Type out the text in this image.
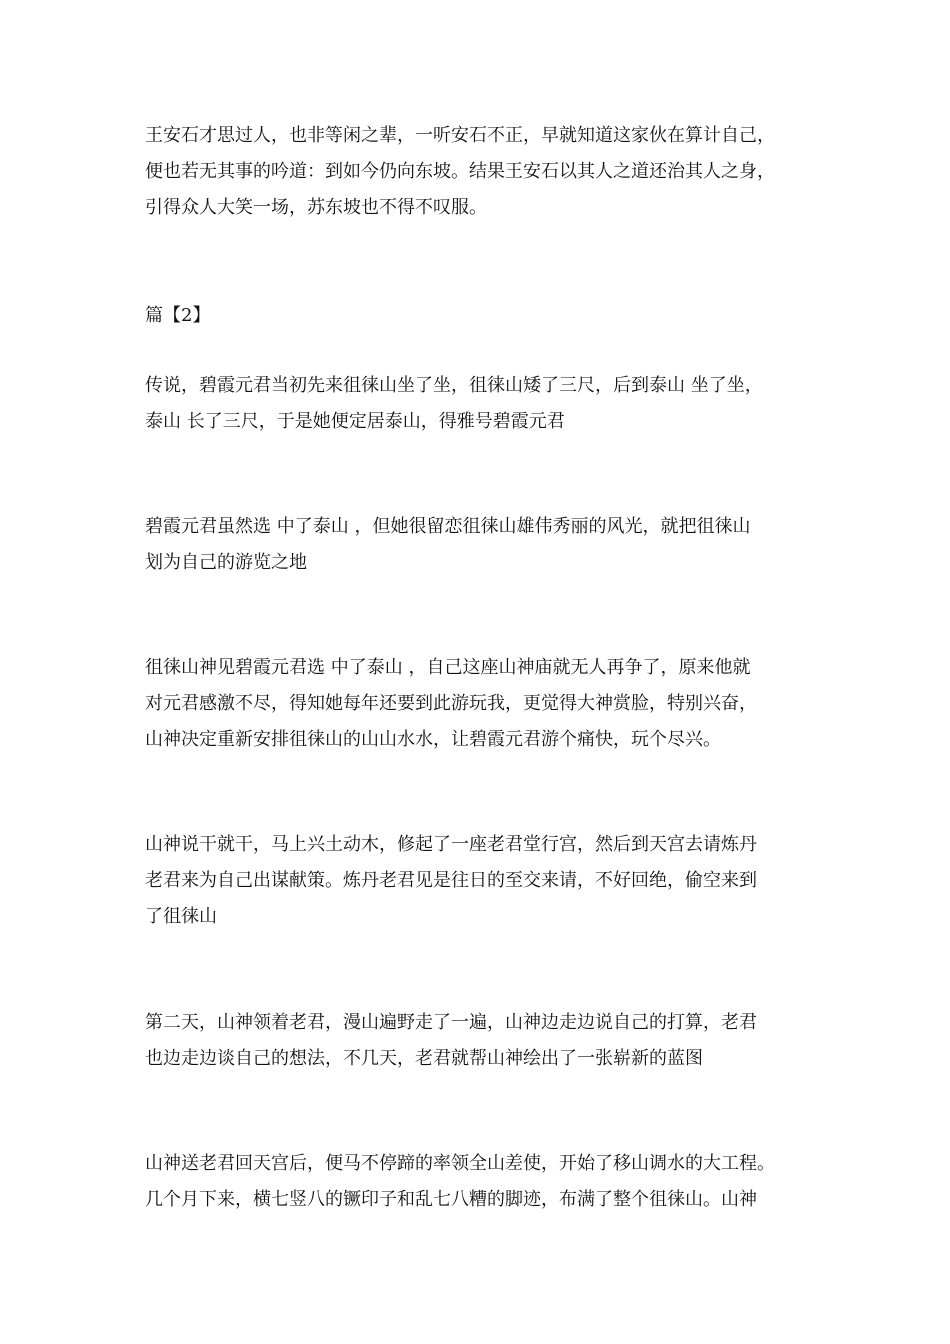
王安石才思过人，也非等闲之辈，一听安石不正，早就知道这家伙在算计自己，
便也若无其事的吟道：到如今仍向东坡。结果王安石以其人之道还治其人之身，
引得众人大笑一场，苏东坡也不得不叹服。

篇【2】

传说，碧霞元君当初先来徂徕山坐了坐，徂徕山矮了三尺，后到泰山 坐了坐，
泰山 长了三尺，于是她便定居泰山，得雅号碧霞元君

碧霞元君虽然选 中了泰山 ，但她很留恋徂徕山雄伟秀丽的风光，就把徂徕山
划为自己的游览之地

徂徕山神见碧霞元君选 中了泰山 ，自己这座山神庙就无人再争了，原来他就
对元君感激不尽，得知她每年还要到此游玩我，更觉得大神赏脸，特别兴奋，
山神决定重新安排徂徕山的山山水水，让碧霞元君游个痛快，玩个尽兴。

山神说干就干，马上兴土动木，修起了一座老君堂行宫，然后到天宫去请炼丹
老君来为自己出谋献策。炼丹老君见是往日的至交来请，不好回绝，偷空来到
了徂徕山

第二天，山神领着老君，漫山遍野走了一遍，山神边走边说自己的打算，老君
也边走边谈自己的想法，不几天，老君就帮山神绘出了一张崭新的蓝图

山神送老君回天宫后，便马不停蹄的率领全山差使，开始了移山调水的大工程。
几个月下来，横七竖八的镢印子和乱七八糟的脚迹，布满了整个徂徕山。山神
